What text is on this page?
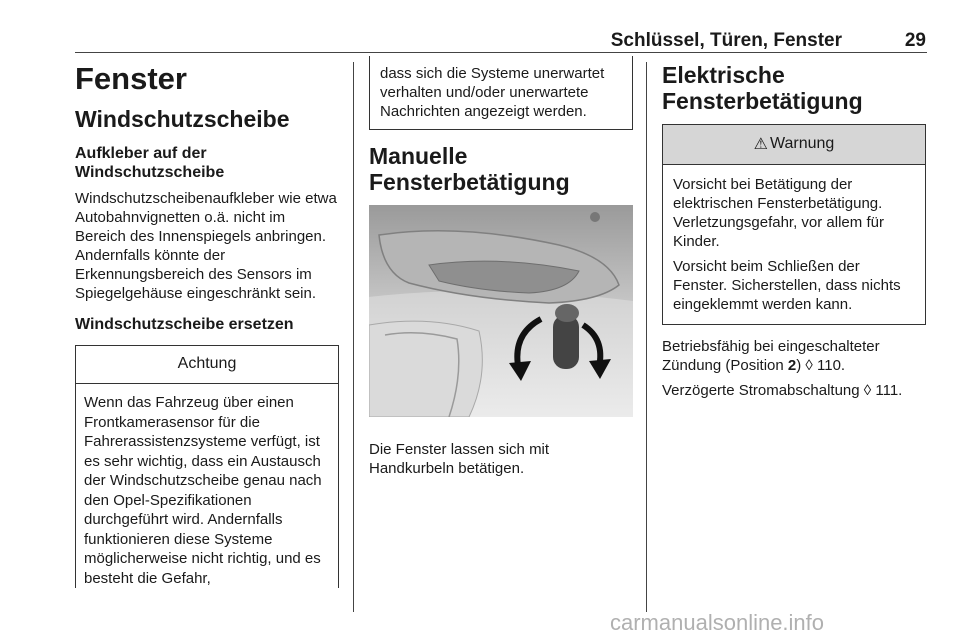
Schlüssel, Türen, Fenster	29
Fenster
Windschutzscheibe
Aufkleber auf der Windschutzscheibe

Windschutzscheibenaufkleber wie etwa Autobahnvignetten o.ä. nicht im Bereich des Innenspiegels anbringen. Andernfalls könnte der Erkennungsbereich des Sensors im Spiegelgehäuse eingeschränkt sein.

Windschutzscheibe ersetzen
Achtung

Wenn das Fahrzeug über einen Frontkamerasensor für die Fahrerassistenzsysteme verfügt, ist es sehr wichtig, dass ein Austausch der Windschutzscheibe genau nach den Opel-Spezifikationen durchgeführt wird. Andernfalls funktionieren diese Systeme möglicherweise nicht richtig, und es besteht die Gefahr,

dass sich die Systeme unerwartet verhalten und/oder unerwartete Nachrichten angezeigt werden.

Manuelle Fensterbetätigung

Die Fenster lassen sich mit Handkurbeln betätigen.

Elektrische Fensterbetätigung
⚠ Warnung

Vorsicht bei Betätigung der elektrischen Fensterbetätigung. Verletzungsgefahr, vor allem für Kinder.

Vorsicht beim Schließen der Fenster. Sicherstellen, dass nichts eingeklemmt werden kann.

Betriebsfähig bei eingeschalteter Zündung (Position 2) ◊ 110.

Verzögerte Stromabschaltung ◊ 111.

carmanualsonline.info
